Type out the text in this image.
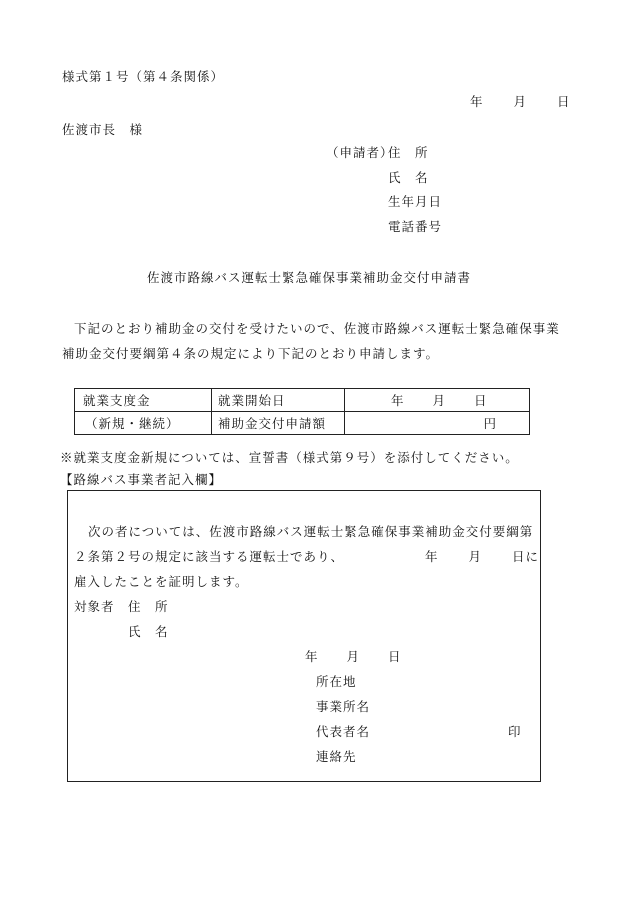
様式第１号（第４条関係）
年 月 日
佐渡市長　様
（申請者）
住　所
氏　名
生年月日
電話番号
佐渡市路線バス運転士緊急確保事業補助金交付申請書
下記のとおり補助金の交付を受けたいので、佐渡市路線バス運転士緊急確保事業
補助金交付要綱第４条の規定により下記のとおり申請します。
就業支度金	就業開始日	年 月 日
（新規・継続）	補助金交付申請額	円
※就業支度金新規については、宣誓書（様式第９号）を添付してください。
【路線バス事業者記入欄】
次の者については、佐渡市路線バス運転士緊急確保事業補助金交付要綱第
２条第２号の規定に該当する運転士であり、	年 月 日に
雇入したことを証明します。
対象者 住　所
氏　名
年 月 日
所在地
事業所名
代表者名	印
連絡先
